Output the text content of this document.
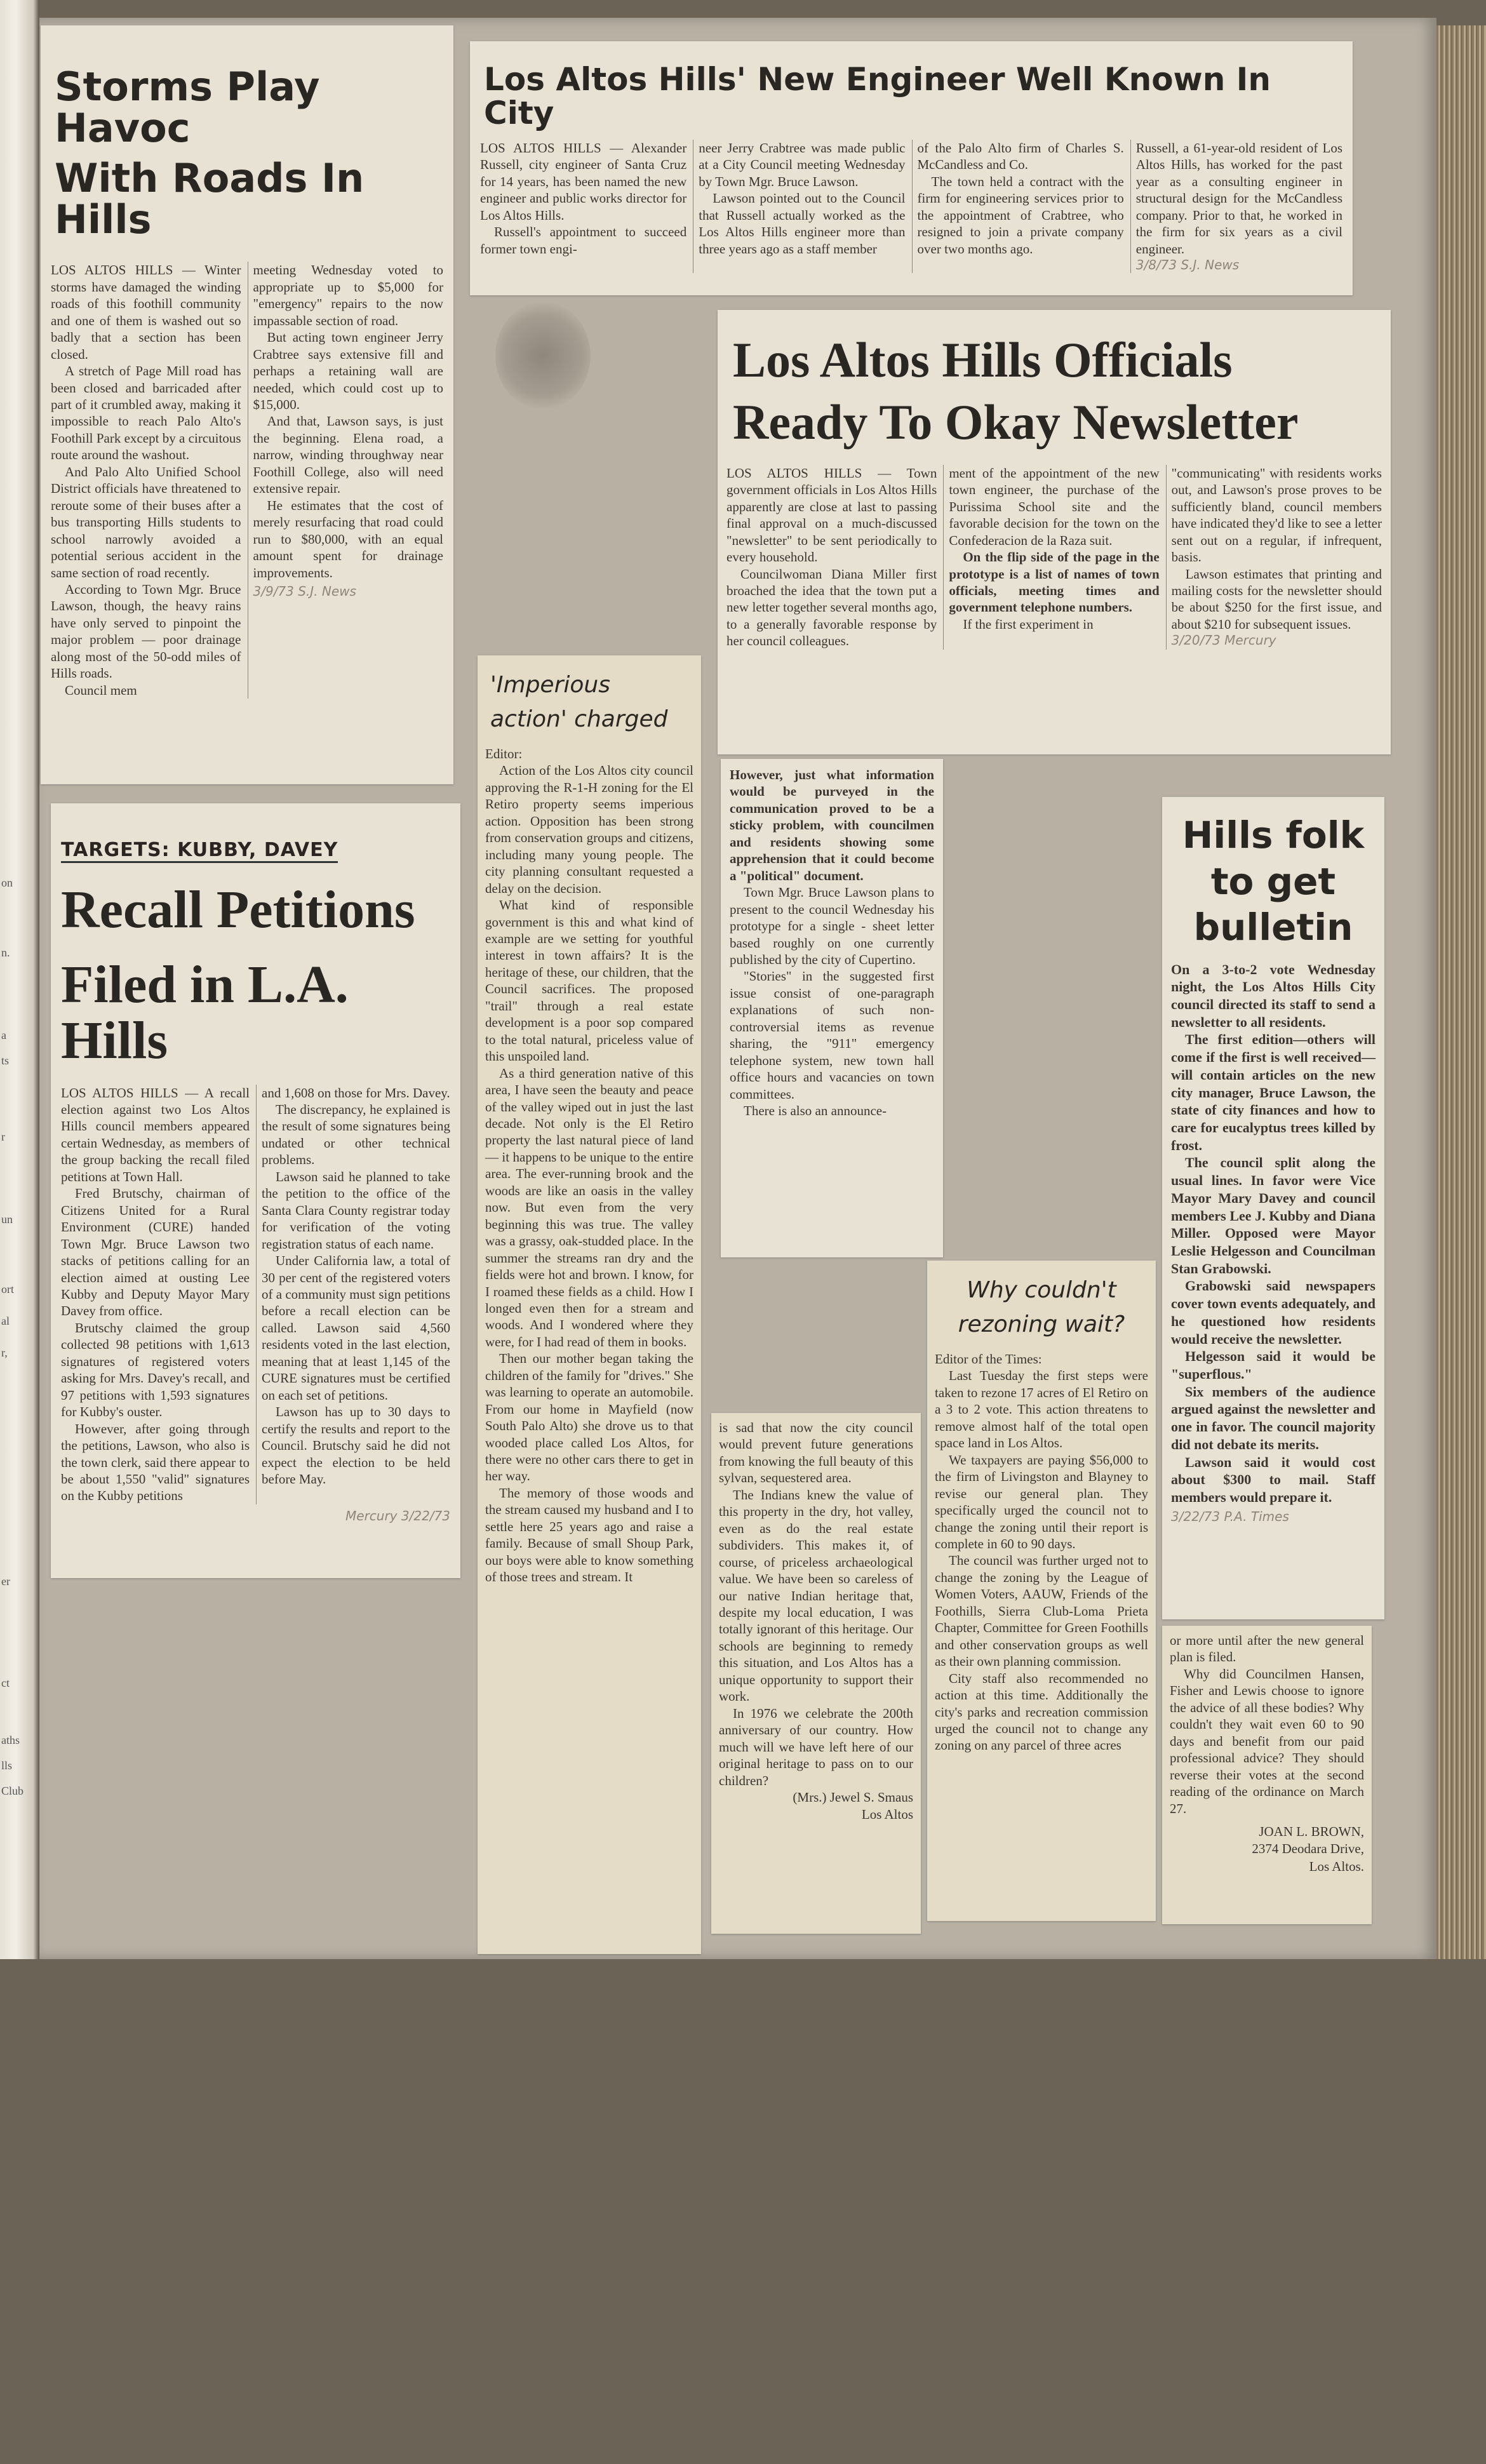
on
n.
a
ts
r
un
ort
al
r,
er
ct
aths
lls
Club
Storms Play Havoc
With Roads In Hills

LOS ALTOS HILLS — Winter storms have damaged the winding roads of this foothill community and one of them is washed out so badly that a section has been closed.

A stretch of Page Mill road has been closed and barricaded after part of it crumbled away, making it impossible to reach Palo Alto's Foothill Park except by a circuitous route around the washout.

And Palo Alto Unified School District officials have threatened to reroute some of their buses after a bus transporting Hills students to school narrowly avoided a potential serious accident in the same section of road recently.

According to Town Mgr. Bruce Lawson, though, the heavy rains have only served to pinpoint the major problem — poor drainage along most of the 50-odd miles of Hills roads.

Council mem

meeting Wednesday voted to appropriate up to $5,000 for "emergency" repairs to the now impassable section of road.

But acting town engineer Jerry Crabtree says extensive fill and perhaps a retaining wall are needed, which could cost up to $15,000.

And that, Lawson says, is just the beginning. Elena road, a narrow, winding throughway near Foothill College, also will need extensive repair.

He estimates that the cost of merely resurfacing that road could run to $80,000, with an equal amount spent for drainage improvements.

3/9/73 S.J. News
Los Altos Hills' New Engineer Well Known In City

LOS ALTOS HILLS — Alexander Russell, city engineer of Santa Cruz for 14 years, has been named the new engineer and public works director for Los Altos Hills.

Russell's appointment to succeed former town engi-

neer Jerry Crabtree was made public at a City Council meeting Wednesday by Town Mgr. Bruce Lawson.

Lawson pointed out to the Council that Russell actually worked as the Los Altos Hills engineer more than three years ago as a staff member

of the Palo Alto firm of Charles S. McCandless and Co.

The town held a contract with the firm for engineering services prior to the appointment of Crabtree, who resigned to join a private company over two months ago.

Russell, a 61-year-old resident of Los Altos Hills, has worked for the past year as a consulting engineer in structural design for the McCandless company. Prior to that, he worked in the firm for six years as a civil engineer.

3/8/73 S.J. News
Los Altos Hills Officials
Ready To Okay Newsletter

LOS ALTOS HILLS — Town government officials in Los Altos Hills apparently are close at last to passing final approval on a much-discussed "newsletter" to be sent periodically to every household.

Councilwoman Diana Miller first broached the idea that the town put a new letter together several months ago, to a generally favorable response by her council colleagues.

ment of the appointment of the new town engineer, the purchase of the Purissima School site and the favorable decision for the town on the Confederacion de la Raza suit.

On the flip side of the page in the prototype is a list of names of town officials, meeting times and government telephone numbers.

If the first experiment in

"communicating" with residents works out, and Lawson's prose proves to be sufficiently bland, council members have indicated they'd like to see a letter sent out on a regular, if infrequent, basis.

Lawson estimates that printing and mailing costs for the newsletter should be about $250 for the first issue, and about $210 for subsequent issues.

3/20/73 Mercury

However, just what information would be purveyed in the communication proved to be a sticky problem, with councilmen and residents showing some apprehension that it could become a "political" document.

Town Mgr. Bruce Lawson plans to present to the council Wednesday his prototype for a single - sheet letter based roughly on one currently published by the city of Cupertino.

"Stories" in the suggested first issue consist of one-paragraph explanations of such non-controversial items as revenue sharing, the "911" emergency telephone system, new town hall office hours and vacancies on town committees.

There is also an announce-

'Imperious
action' charged

Editor:

Action of the Los Altos city council approving the R-1-H zoning for the El Retiro property seems imperious action. Opposition has been strong from conservation groups and citizens, including many young people. The city planning consultant requested a delay on the decision.

What kind of responsible government is this and what kind of example are we setting for youthful interest in town affairs? It is the heritage of these, our children, that the Council sacrifices. The proposed "trail" through a real estate development is a poor sop compared to the total natural, priceless value of this unspoiled land.

As a third generation native of this area, I have seen the beauty and peace of the valley wiped out in just the last decade. Not only is the El Retiro property the last natural piece of land — it happens to be unique to the entire area. The ever-running brook and the woods are like an oasis in the valley now. But even from the very beginning this was true. The valley was a grassy, oak-studded place. In the summer the streams ran dry and the fields were hot and brown. I know, for I roamed these fields as a child. How I longed even then for a stream and woods. And I wondered where they were, for I had read of them in books.

Then our mother began taking the children of the family for "drives." She was learning to operate an automobile. From our home in Mayfield (now South Palo Alto) she drove us to that wooded place called Los Altos, for there were no other cars there to get in her way.

The memory of those woods and the stream caused my husband and I to settle here 25 years ago and raise a family. Because of small Shoup Park, our boys were able to know something of those trees and stream. It

is sad that now the city council would prevent future generations from knowing the full beauty of this sylvan, sequestered area.

The Indians knew the value of this property in the dry, hot valley, even as do the real estate subdividers. This makes it, of course, of priceless archaeological value. We have been so careless of our native Indian heritage that, despite my local education, I was totally ignorant of this heritage. Our schools are beginning to remedy this situation, and Los Altos has a unique opportunity to support their work.

In 1976 we celebrate the 200th anniversary of our country. How much will we have left here of our original heritage to pass on to our children?

(Mrs.) Jewel S. Smaus
Los Altos
TARGETS: KUBBY, DAVEY
Recall Petitions
Filed in L.A. Hills

LOS ALTOS HILLS — A recall election against two Los Altos Hills council members appeared certain Wednesday, as members of the group backing the recall filed petitions at Town Hall.

Fred Brutschy, chairman of Citizens United for a Rural Environment (CURE) handed Town Mgr. Bruce Lawson two stacks of petitions calling for an election aimed at ousting Lee Kubby and Deputy Mayor Mary Davey from office.

Brutschy claimed the group collected 98 petitions with 1,613 signatures of registered voters asking for Mrs. Davey's recall, and 97 petitions with 1,593 signatures for Kubby's ouster.

However, after going through the petitions, Lawson, who also is the town clerk, said there appear to be about 1,550 "valid" signatures on the Kubby petitions

and 1,608 on those for Mrs. Davey.

The discrepancy, he explained is the result of some signatures being undated or other technical problems.

Lawson said he planned to take the petition to the office of the Santa Clara County registrar today for verification of the voting registration status of each name.

Under California law, a total of 30 per cent of the registered voters of a community must sign petitions before a recall election can be called. Lawson said 4,560 residents voted in the last election, meaning that at least 1,145 of the CURE signatures must be certified on each set of petitions.

Lawson has up to 30 days to certify the results and report to the Council. Brutschy said he did not expect the election to be held before May.

Mercury 3/22/73
Why couldn't
rezoning wait?

Editor of the Times:

Last Tuesday the first steps were taken to rezone 17 acres of El Retiro on a 3 to 2 vote. This action threatens to remove almost half of the total open space land in Los Altos.

We taxpayers are paying $56,000 to the firm of Livingston and Blayney to revise our general plan. They specifically urged the council not to change the zoning until their report is complete in 60 to 90 days.

The council was further urged not to change the zoning by the League of Women Voters, AAUW, Friends of the Foothills, Sierra Club-Loma Prieta Chapter, Committee for Green Foothills and other conservation groups as well as their own planning commission.

City staff also recommended no action at this time. Additionally the city's parks and recreation commission urged the council not to change any zoning on any parcel of three acres

or more until after the new general plan is filed.

Why did Councilmen Hansen, Fisher and Lewis choose to ignore the advice of all these bodies? Why couldn't they wait even 60 to 90 days and benefit from our paid professional advice? They should reverse their votes at the second reading of the ordinance on March 27.

JOAN L. BROWN,
2374 Deodara Drive,
Los Altos.
Hills folk
to get
bulletin

On a 3-to-2 vote Wednesday night, the Los Altos Hills City council directed its staff to send a newsletter to all residents.

The first edition—others will come if the first is well received—will contain articles on the new city manager, Bruce Lawson, the state of city finances and how to care for eucalyptus trees killed by frost.

The council split along the usual lines. In favor were Vice Mayor Mary Davey and council members Lee J. Kubby and Diana Miller. Opposed were Mayor Leslie Helgesson and Councilman Stan Grabowski.

Grabowski said newspapers cover town events adequately, and he questioned how residents would receive the newsletter.

Helgesson said it would be "superflous."

Six members of the audience argued against the newsletter and one in favor. The council majority did not debate its merits.

Lawson said it would cost about $300 to mail. Staff members would prepare it.

3/22/73 P.A. Times
